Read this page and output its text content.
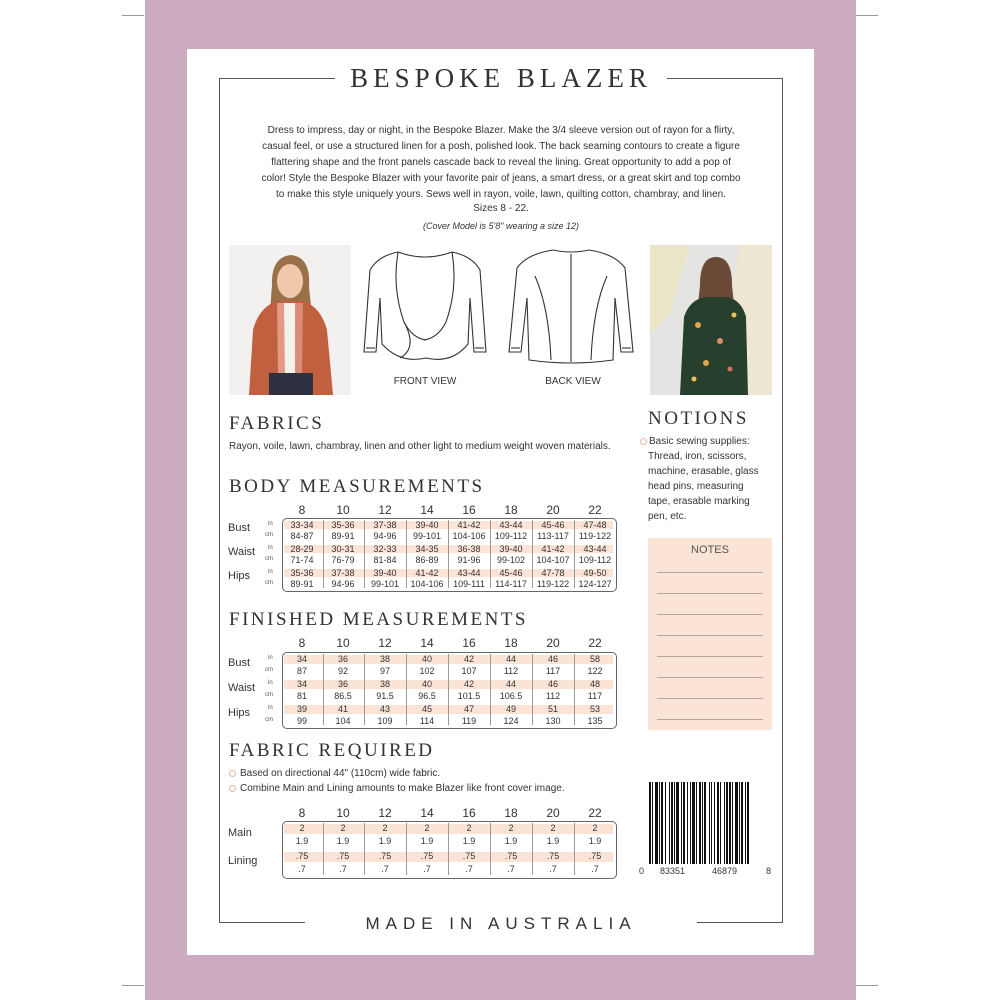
BESPOKE BLAZER

Dress to impress, day or night, in the Bespoke Blazer. Make the 3/4 sleeve version out of rayon for a flirty,

casual feel, or use a structured linen for a posh, polished look. The back seaming contours to create a figure

flattering shape and the front panels cascade back to reveal the lining. Great opportunity to add a pop of

color! Style the Bespoke Blazer with your favorite pair of jeans, a smart dress, or a great skirt and top combo

to make this style uniquely yours. Sews well in rayon, voile, lawn, quilting cotton, chambray, and linen.

Sizes 8 - 22.
(Cover Model is 5'8" wearing a size 12)
FRONT VIEW	BACK VIEW
FABRICS
Rayon, voile, lawn, chambray, linen and other light to medium weight woven materials.
NOTIONS
Basic sewing supplies:
Thread, iron, scissors,
machine, erasable, glass
head pins, measuring
tape, erasable marking
pen, etc.
NOTES
BODY MEASUREMENTS
FINISHED MEASUREMENTS
FABRIC REQUIRED
Based on directional 44" (110cm) wide fabric.
Combine Main and Lining amounts to make Blazer like front cover image.
8	10	12	14	16	18	20	22
Bust	in
cm
33-34	35-36	37-38	39-40	41-42	43-44	45-46	47-48
84-87	89-91	94-96	99-101	104-106	109-112	113-117	119-122
Waist in
cm
28-29	30-31	32-33	34-35	36-38	39-40	41-42	43-44
71-74	76-79	81-84	86-89	91-96	99-102	104-107	109-112
Hips	in
cm
35-36	37-38	39-40	41-42	43-44	45-46	47-78	49-50
89-91	94-96	99-101	104-106	109-111	114-117	119-122	124-127
8	10	12	14	16	18	20	22
Bust	in
cm
34	36	38	40	42	44	46	58
87	92	97	102	107	112	117	122
Waist in
cm
34	36	38	40	42	44	46	48
81	86.5	91.5	96.5	101.5	106.5	112	117
Hips	in
cm
39	41	43	45	47	49	51	53
99	104	109	114	119	124	130	135
8	10	12	14	16	18	20	22
Main	2	2	2	2	2	2	2	2
1.9	1.9	1.9	1.9	1.9	1.9	1.9	1.9
Lining	.75	.75	.75	.75	.75	.75	.75	.75
.7	.7	.7	.7	.7	.7	.7	.7	0 83351	46879	8
MADE IN AUSTRALIA
